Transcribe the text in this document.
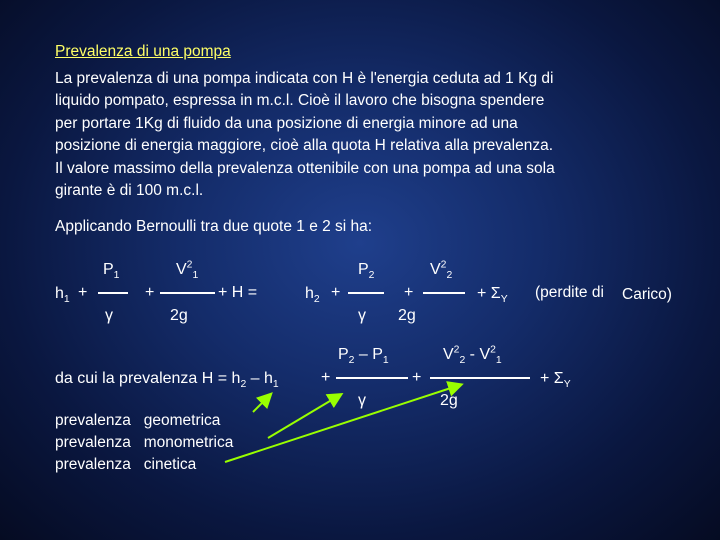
Prevalenza di una pompa
La prevalenza di una pompa indicata con H è l'energia ceduta ad 1 Kg di
liquido pompato, espressa in m.c.l. Cioè il lavoro che bisogna spendere
per portare 1Kg di fluido da una posizione di energia minore ad una
posizione di energia maggiore, cioè alla quota H relativa alla prevalenza.
Il valore massimo della prevalenza ottenibile con una pompa ad una sola
girante è di 100 m.c.l.
Applicando Bernoulli tra due quote 1 e 2 si ha:
$h_1$ +
$P_1$
γ
+
$V^2_1$
2g
+ H =	$h_2$ +
$P_2$
γ
+
$V^2_2$
2g
+ $\Sigma_Y$ (perdite di Carico)
da cui la prevalenza $H = h_2 - h_1$	+
$P_2 - P_1$
γ
+
$V^2_2 - V^2_1$
2g
+ $\Sigma_Y$
prevalenza geometrica
prevalenza monometrica
prevalenza cinetica
